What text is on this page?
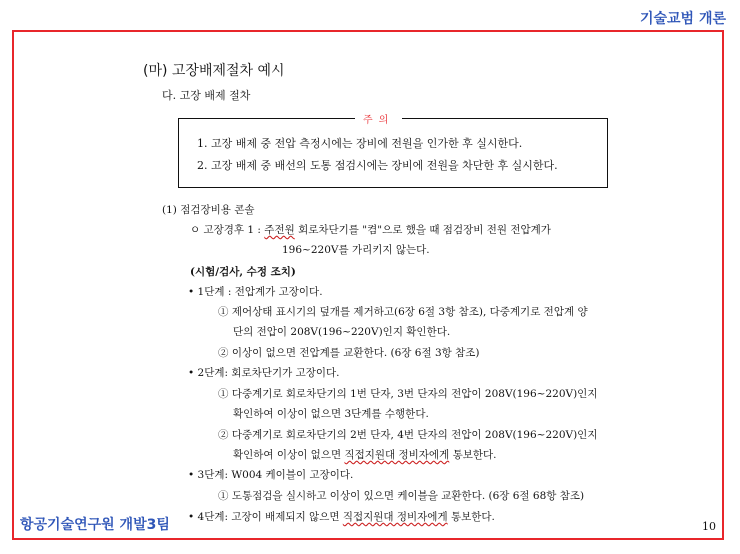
기술교범 개론
(마) 고장배제절차 예시
다. 고장 배제 절차
주의
1. 고장 배제 중 전압 측정시에는 장비에 전원을 인가한 후 실시한다.
2. 고장 배제 중 배선의 도통 점검시에는 장비에 전원을 차단한 후 실시한다.
(1) 점검장비용 콘솔
ㅇ 고장경후 1 : 주전원 회로차단기를 "켬"으로 했을 때 점검장비 전원 전압계가
196~220V를 가리키지 않는다.
(시험/검사, 수정 조치)
• 1단계 : 전압계가 고장이다.
① 제어상태 표시기의 덮개를 제거하고(6장 6절 3항 참조), 다중계기로 전압계 양
단의 전압이 208V(196~220V)인지 확인한다.
② 이상이 없으면 전압계를 교환한다. (6장 6절 3항 참조)
• 2단계: 회로차단기가 고장이다.
① 다중계기로 회로차단기의 1번 단자, 3번 단자의 전압이 208V(196~220V)인지
확인하여 이상이 없으면 3단계를 수행한다.
② 다중계기로 회로차단기의 2번 단자, 4번 단자의 전압이 208V(196~220V)인지
확인하여 이상이 없으면 직접지원대 정비자에게 통보한다.
• 3단계: W004 케이블이 고장이다.
① 도통점검을 실시하고 이상이 있으면 케이블을 교환한다. (6장 6절 68항 참조)
• 4단계: 고장이 배제되지 않으면 직접지원대 정비자에게 통보한다.
항공기술연구원 개발3팀	10
